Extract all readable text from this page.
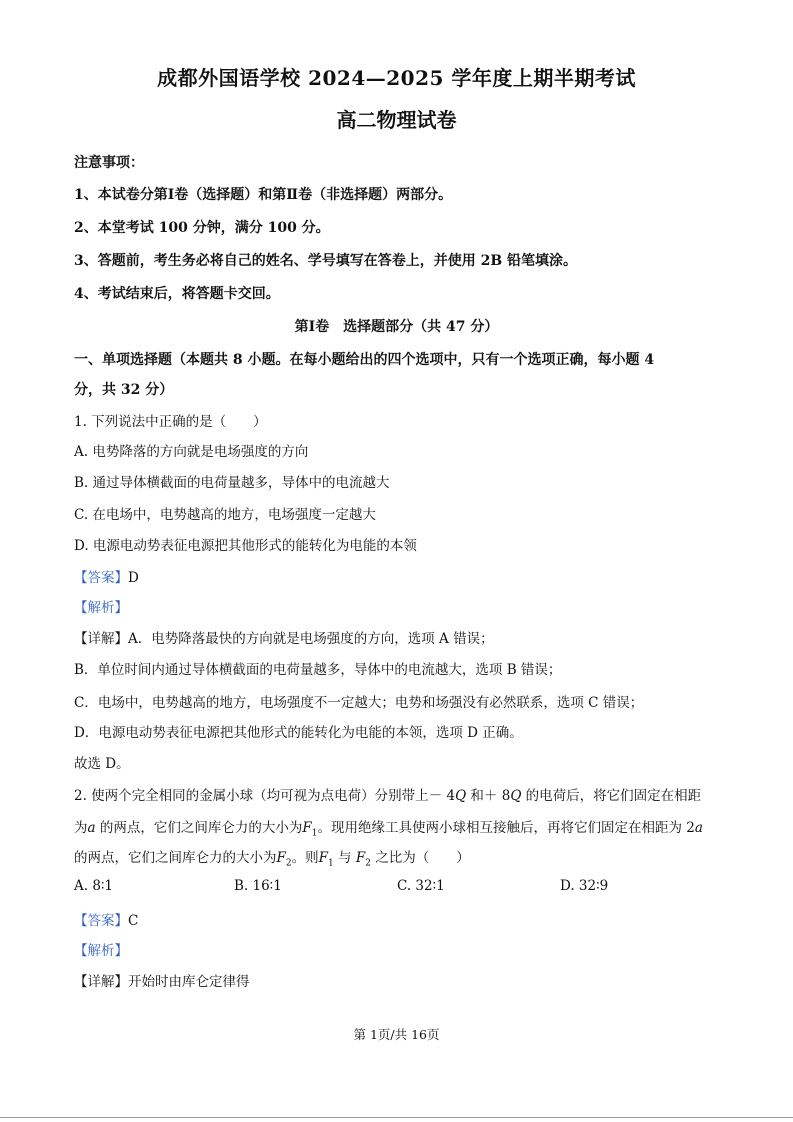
成都外国语学校 2024—2025 学年度上期半期考试
高二物理试卷
注意事项：
1、本试卷分第Ⅰ卷（选择题）和第Ⅱ卷（非选择题）两部分。
2、本堂考试 100 分钟，满分 100 分。
3、答题前，考生务必将自己的姓名、学号填写在答卷上，并使用 2B 铅笔填涂。
4、考试结束后，将答题卡交回。
第Ⅰ卷　选择题部分（共 47 分）
一、单项选择题（本题共 8 小题。在每小题给出的四个选项中，只有一个选项正确，每小题 4
分，共 32 分）
1. 下列说法中正确的是（　　）
A. 电势降落的方向就是电场强度的方向
B. 通过导体横截面的电荷量越多，导体中的电流越大
C. 在电场中，电势越高的地方，电场强度一定越大
D. 电源电动势表征电源把其他形式的能转化为电能的本领
【答案】D
【解析】
【详解】A．电势降落最快的方向就是电场强度的方向，选项 A 错误；
B．单位时间内通过导体横截面的电荷量越多，导体中的电流越大，选项 B 错误；
C．电场中，电势越高的地方，电场强度不一定越大；电势和场强没有必然联系，选项 C 错误；
D．电源电动势表征电源把其他形式的能转化为电能的本领，选项 D 正确。
故选 D。
2. 使两个完全相同的金属小球（均可视为点电荷）分别带上－ 4Q 和＋ 8Q 的电荷后，将它们固定在相距
为a 的两点，它们之间库仑力的大小为$F_1$。现用绝缘工具使两小球相互接触后，再将它们固定在相距为 2a
的两点，它们之间库仑力的大小为$F_2$。则$F_1$ 与 $F_2$ 之比为（　　）
A. 8∶1	B. 16∶1	C. 32∶1	D. 32∶9
【答案】C
【解析】
【详解】开始时由库仑定律得
第 1页/共 16页
